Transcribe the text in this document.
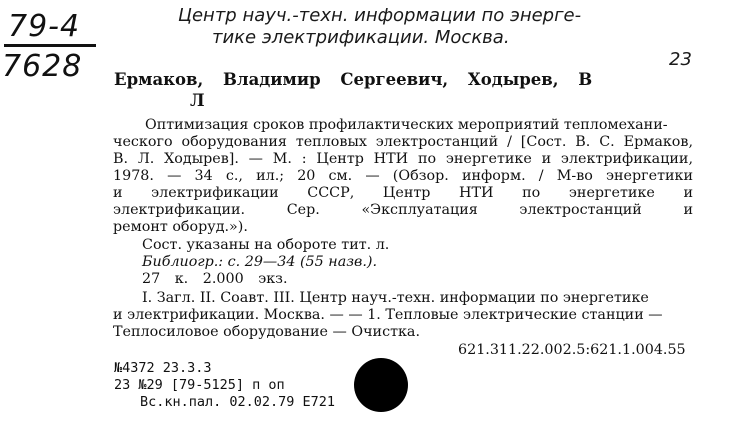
79-4
7628
Центр науч.-техн. информации по энерге-
тике электрификации. Москва.
23
Ермаков, Владимир Сергеевич, Ходырев, В
Л
Оптимизация сроков профилактических мероприятий тепломехани-
ческого оборудования тепловых электростанций / [Сост. В. С. Ермаков,
В. Л. Ходырев]. — М. : Центр НТИ по энергетике и электрификации,
1978. — 34 с., ил.; 20 см. — (Обзор. информ. / М-во энергетики
и электрификации СССР, Центр НТИ по энергетике и
электрификации. Сер. «Эксплуатация электростанций и
ремонт оборуд.»).
Сост. указаны на обороте тит. л.
Библиогр.: с. 29—34 (55 назв.).
27 к. 2.000 экз.
I. Загл. II. Соавт. III. Центр науч.-техн. информации по энергетике
и электрификации. Москва. — — 1. Тепловые электрические станции —
Теплосиловое оборудование — Очистка.
621.311.22.002.5:621.1.004.55
№4372 23.3.3
23 №29 [79-5125] п оп
Вс.кн.пал. 02.02.79 Е721
